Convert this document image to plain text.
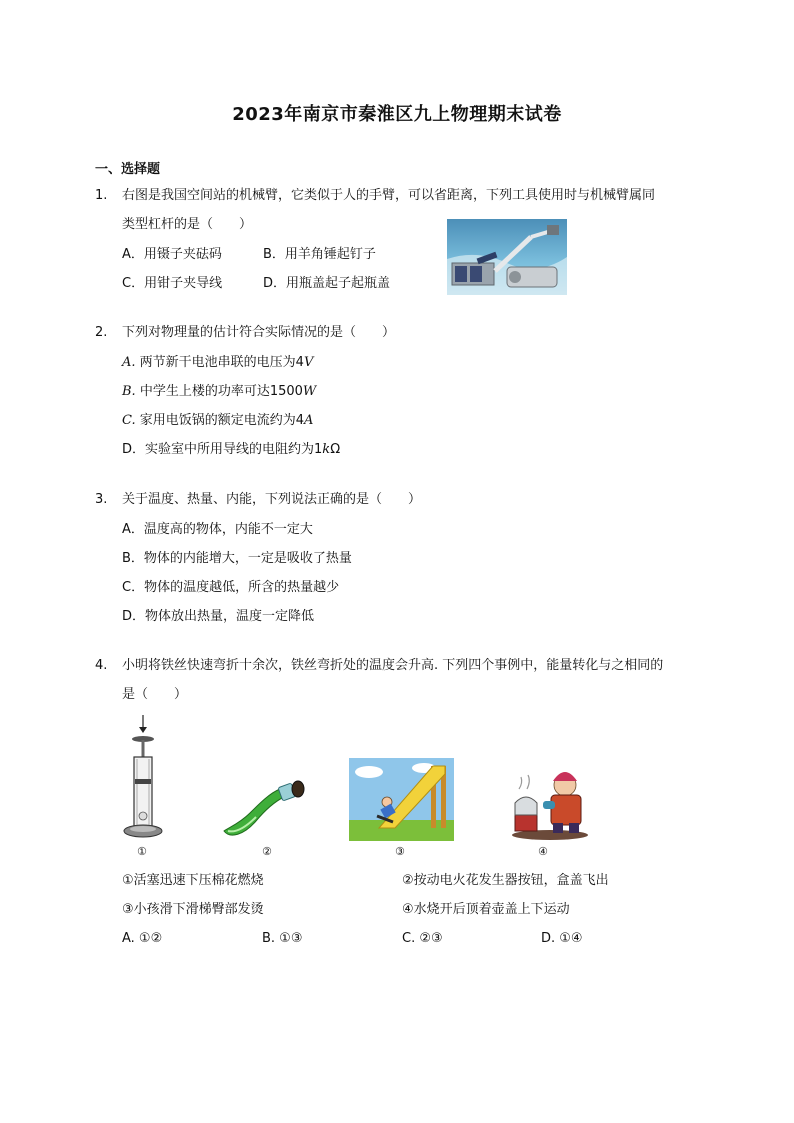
2023年南京市秦淮区九上物理期末试卷
一、选择题
1. 右图是我国空间站的机械臂，它类似于人的手臂，可以省距离，下列工具使用时与机械臂属同
类型杠杆的是（　　）
A．用镊子夹砝码	B．用羊角锤起钉子
C．用钳子夹导线	D．用瓶盖起子起瓶盖
2. 下列对物理量的估计符合实际情况的是（　　）
A. 两节新干电池串联的电压为4V
B. 中学生上楼的功率可达1500W
C. 家用电饭锅的额定电流约为4A
D．实验室中所用导线的电阻约为1kΩ
3. 关于温度、热量、内能，下列说法正确的是（　　）
A．温度高的物体，内能不一定大
B．物体的内能增大，一定是吸收了热量
C．物体的温度越低，所含的热量越少
D．物体放出热量，温度一定降低
4. 小明将铁丝快速弯折十余次，铁丝弯折处的温度会升高. 下列四个事例中，能量转化与之相同的
是（　　）
①	②	③	④
①活塞迅速下压棉花燃烧	②按动电火花发生器按钮，盒盖飞出
③小孩滑下滑梯臀部发烫	④水烧开后顶着壶盖上下运动
A. ①②	B. ①③	C. ②③	D. ①④
